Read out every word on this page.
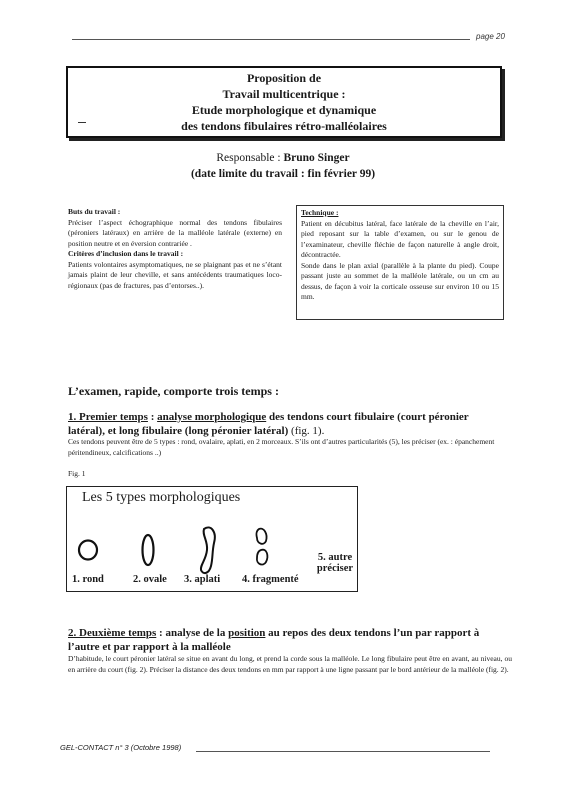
page 20
Proposition de
Travail multicentrique :
Etude morphologique et dynamique
des tendons fibulaires rétro-malléolaires
Responsable : Bruno Singer
(date limite du travail : fin février 99)
Buts du travail :
Préciser l’aspect échographique normal des tendons fibulaires (péroniers latéraux) en arrière de la malléole latérale (externe) en position neutre et en éversion contrariée .
Critères d’inclusion dans le travail :
Patients volontaires asymptomatiques, ne se plaignant pas et ne s’étant jamais plaint de leur cheville, et sans antécédents traumatiques loco-régionaux (pas de fractures, pas d’entorses..).
Technique :
Patient en décubitus latéral, face latérale de la cheville en l’air, pied reposant sur la table d’examen, ou sur le genou de l’examinateur, cheville fléchie de façon naturelle à angle droit, décontractée.
Sonde dans le plan axial (parallèle à la plante du pied). Coupe passant juste au sommet de la malléole latérale, ou un cm au dessus, de façon à voir la corticale osseuse sur environ 10 ou 15 mm.
L’examen, rapide, comporte trois temps :
1. Premier temps : analyse morphologique des tendons court fibulaire (court péronier latéral), et long fibulaire (long péronier latéral) (fig. 1).
Ces tendons peuvent être de 5 types : rond, ovalaire, aplati, en 2 morceaux. S’ils ont d’autres particularités (5), les préciser (ex. : épanchement péritendineux, calcifications ..)
Fig. 1
Les 5 types morphologiques
1. rond	2. ovale 3. aplati 4. fragmenté
5. autre
préciser
2. Deuxième temps : analyse de la position au repos des deux tendons l’un par rapport à l’autre et par rapport à la malléole
D’habitude, le court péronier latéral se situe en avant du long, et prend la corde sous la malléole. Le long fibulaire peut être en avant, au niveau, ou en arrière du court (fig. 2). Préciser la distance des deux tendons en mm par rapport à une ligne passant par le bord antérieur de la malléole (fig. 2).
GEL-CONTACT n° 3 (Octobre 1998)
